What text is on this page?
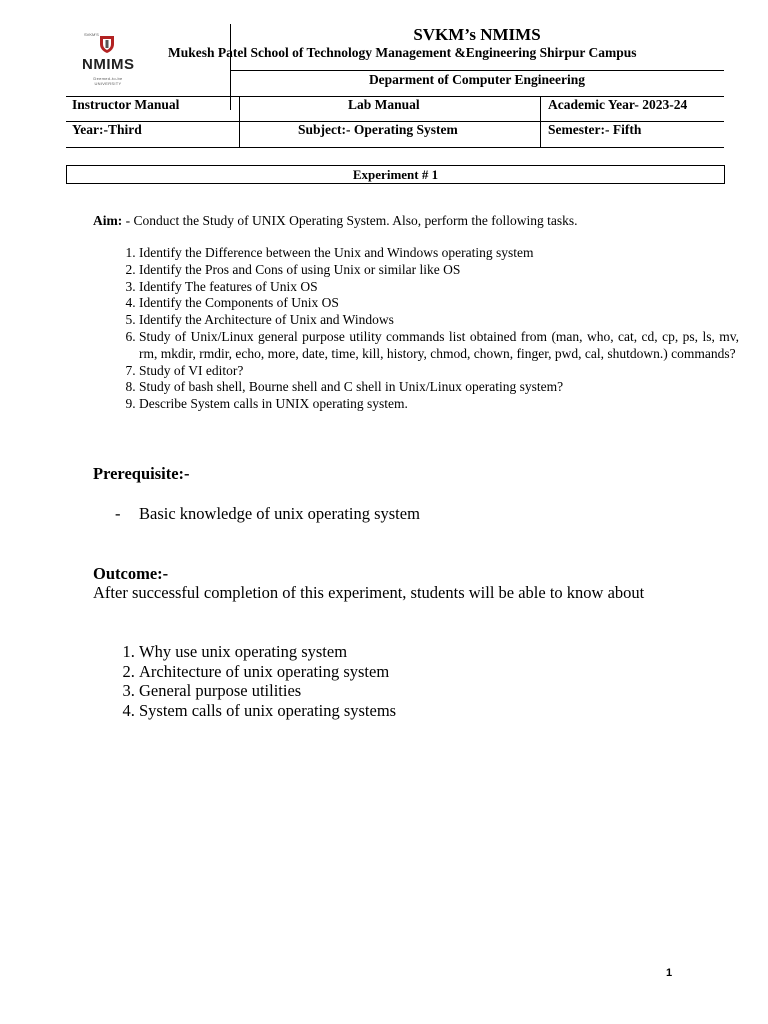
SVKM'S
NMIMS
Deemed-to-be UNIVERSITY
SVKM’s NMIMS
Mukesh Patel School of Technology Management &Engineering Shirpur Campus
Deparment of Computer Engineering
Instructor Manual	Lab Manual	Academic Year- 2023-24
Year:-Third	Subject:- Operating System	Semester:- Fifth
Experiment # 1
Aim: - Conduct the Study of UNIX Operating System. Also, perform the following tasks.
1. Identify the Difference between the Unix and Windows operating system
2. Identify the Pros and Cons of using Unix or similar like OS
3. Identify The features of Unix OS
4. Identify the Components of Unix OS
5. Identify the Architecture of Unix and Windows
6. Study of Unix/Linux general purpose utility commands list obtained from (man, who, cat, cd, cp, ps, ls, mv, rm, mkdir, rmdir, echo, more, date, time, kill, history, chmod, chown, finger, pwd, cal, shutdown.) commands?
7. Study of VI editor?
8. Study of bash shell, Bourne shell and C shell in Unix/Linux operating system?
9. Describe System calls in UNIX operating system.
Prerequisite:-
- Basic knowledge of unix operating system
Outcome:-
After successful completion of this experiment, students will be able to know about
1. Why use unix operating system
2. Architecture of unix operating system
3. General purpose utilities
4. System calls of unix operating systems
1
